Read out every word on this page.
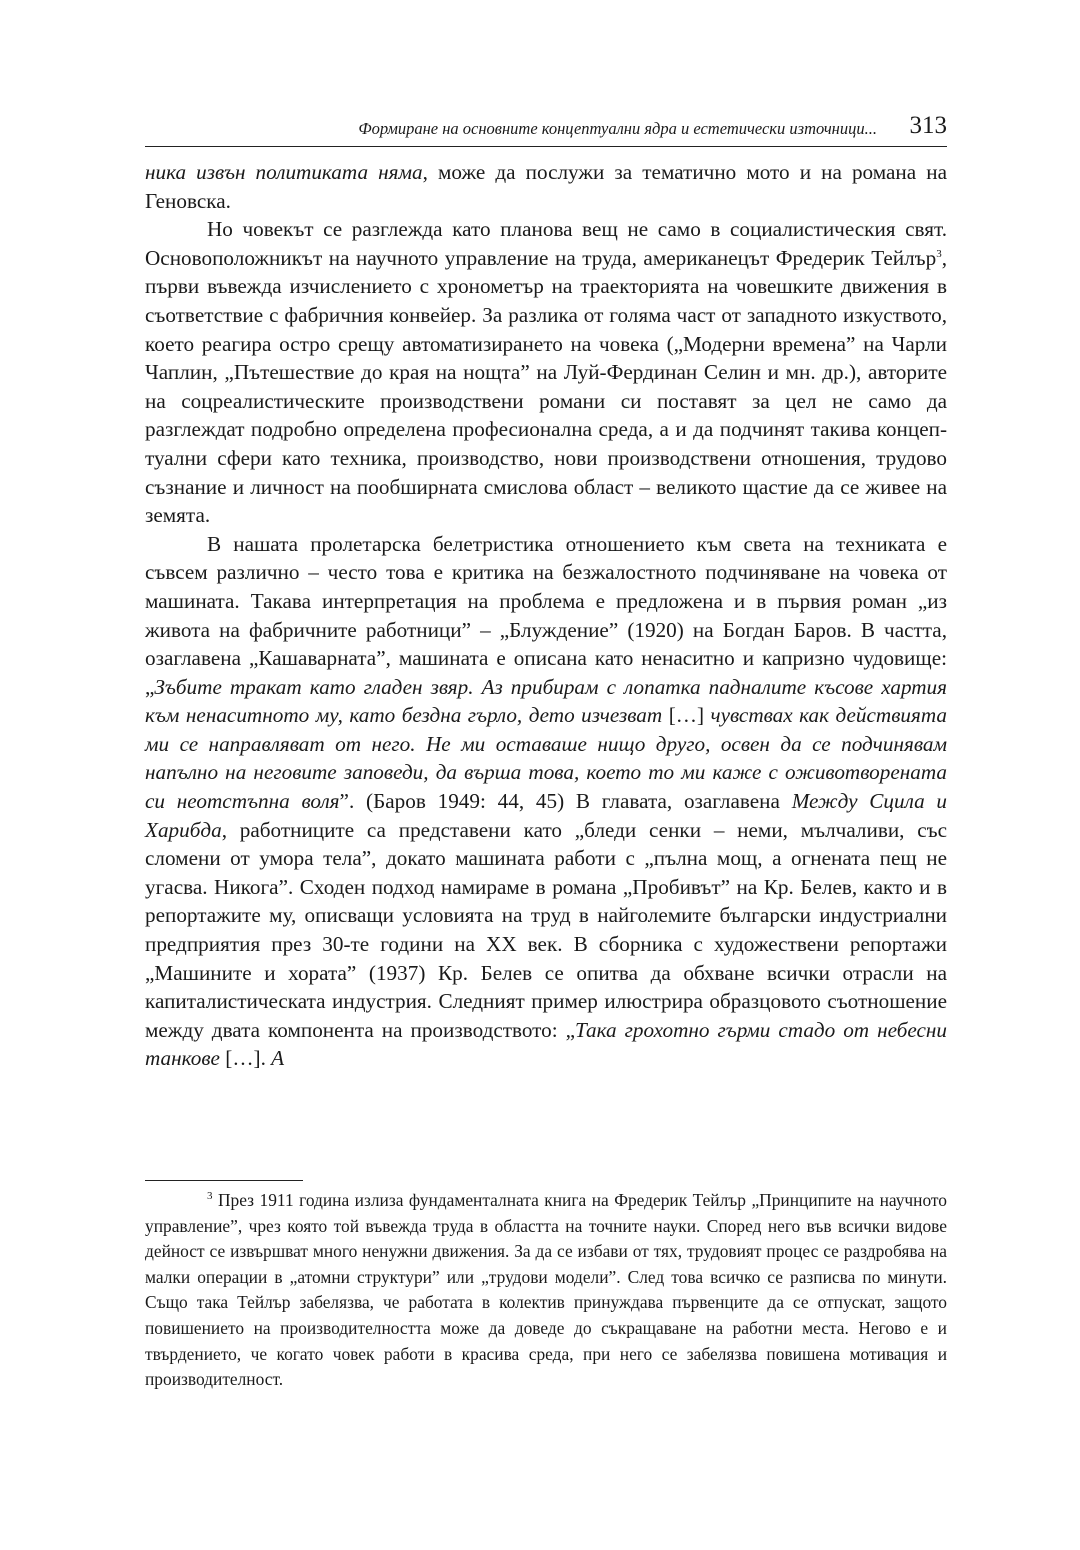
Формиране на основните концептуални ядра и естетически източници... 313

ника извън политиката няма, може да послужи за тематично мото и на романа на Геновска.

Но човекът се разглежда като планова вещ не само в социалистическия свят. Основоположникът на научното управление на труда, американецът Фредерик Тейлър$^3$, първи въвежда изчислението с хронометър на траекторията на човешките движения в съответствие с фабричния конвейер. За разлика от голяма част от западното изкуството, което реагира остро срещу автоматизирането на човека („Модерни времена” на Чарли Чаплин, „Пътешествие до края на нощта” на Луй-Фердинан Селин и мн. др.), авторите на соцреалистическите производствени романи си поставят за цел не само да разглеждат подробно определена професионална среда, а и да подчинят такива концептуални сфери като техника, производство, нови производствени отношения, трудово съзнание и личност на пообширната смислова област – великото щастие да се живее на земята.

В нашата пролетарска белетристика отношението към света на техниката е съвсем различно – често това е критика на безжалостното подчиняване на човека от машината. Такава интерпретация на проблема е предложена и в първия роман „из живота на фабричните работници” – „Блуждение” (1920) на Богдан Баров. В частта, озаглавена „Кашаварната”, машината е описана като ненаситно и капризно чудовище: „Зъбите тракат като гладен звяр. Аз прибирам с лопатка падналите късове хартия към ненаситното му, като бездна гърло, дето изчезват […] чувствах как действията ми се направляват от него. Не ми оставаше нищо друго, освен да се подчинявам напълно на неговите заповеди, да върша това, което то ми каже с оживотворената си неотстъпна воля”. (Баров 1949: 44, 45) В главата, озаглавена Между Сцила и Харибда, работниците са представени като „бледи сенки – неми, мълчаливи, със сломени от умора тела”, докато машината работи с „пълна мощ, а огнената пещ не угасва. Никога”. Сходен подход намираме в романа „Пробивът” на Кр. Белев, както и в репортажите му, описващи условията на труд в найголемите български индустриални предприятия през 30-те години на XX век. В сборника с художествени репортажи „Машините и хората” (1937) Кр. Белев се опитва да обхване всички отрасли на капиталистическата индустрия. Следният пример илюстрира образцовото съотношение между двата компонента на производството: „Така грохотно гърми стадо от небесни танкове […]. А

$^3$ През 1911 година излиза фундаменталната книга на Фредерик Тейлър „Принципите на научното управление”, чрез която той въвежда труда в областта на точните науки. Според него във всички видове дейност се извършват много ненужни движения. За да се избави от тях, трудовият процес се раздробява на малки операции в „атомни структури” или „трудови модели”. След това всичко се разписва по минути. Също така Тейлър забелязва, че работата в колектив принуждава първенците да се отпускат, защото повишението на производителността може да доведе до съкращаване на работни места. Негово е и твърдението, че когато човек работи в красива среда, при него се забелязва повишена мотивация и производителност.
